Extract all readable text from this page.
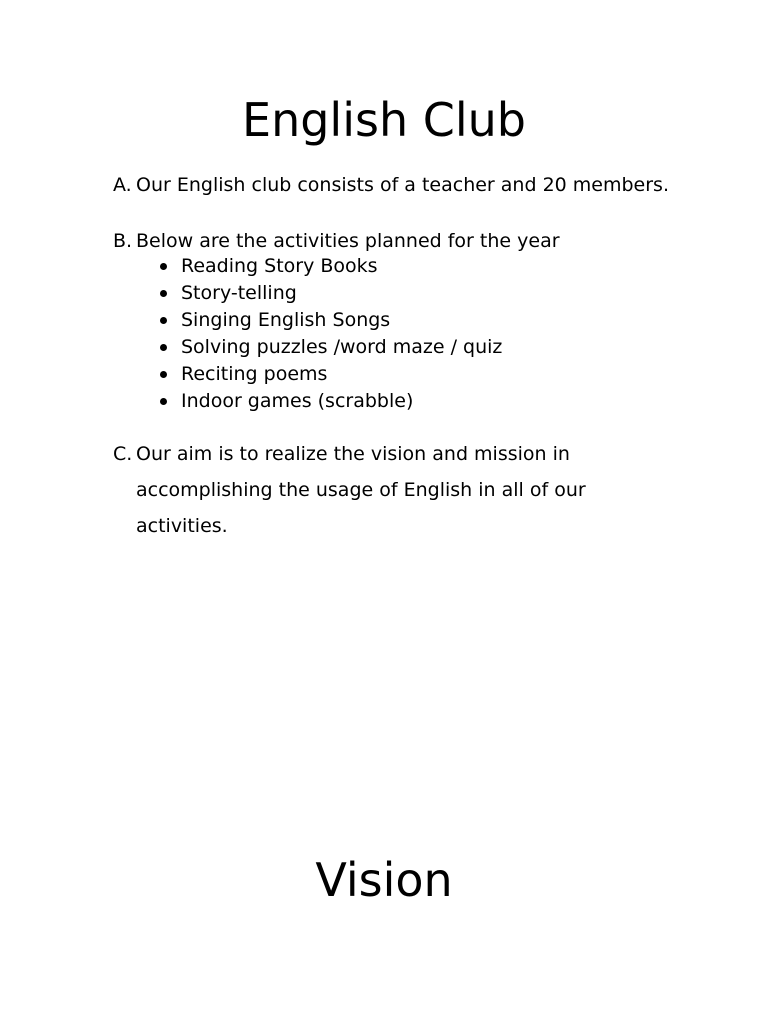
English Club
A. Our English club consists of a teacher and 20 members.
B. Below are the activities planned for the year
Reading Story Books
Story-telling
Singing English Songs
Solving puzzles /word maze / quiz
Reciting poems
Indoor games (scrabble)
C. Our aim is to realize the vision and mission in accomplishing the usage of English in all of our activities.
Vision
